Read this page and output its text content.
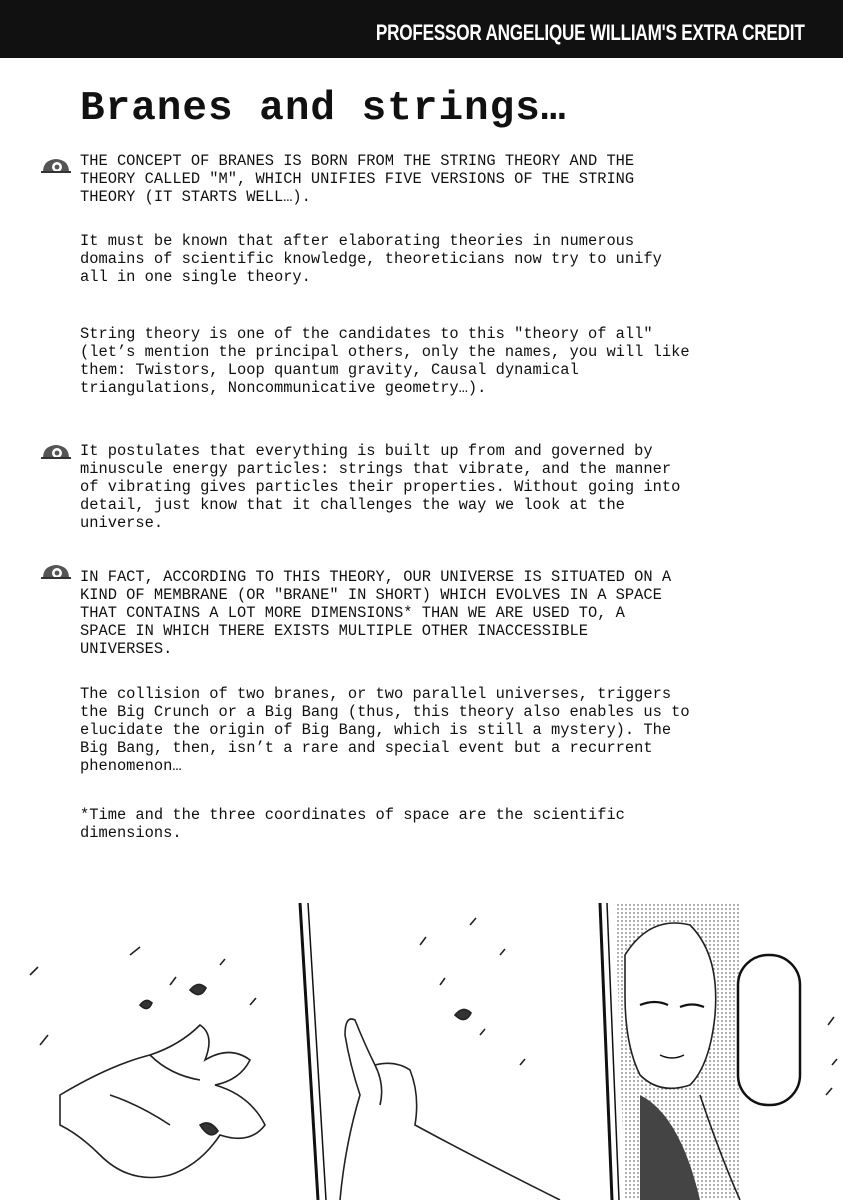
PROFESSOR ANGELIQUE WILLIAM'S EXTRA CREDIT
Branes and strings…

THE CONCEPT OF BRANES IS BORN FROM THE STRING THEORY AND THE
THEORY CALLED "M", WHICH UNIFIES FIVE VERSIONS OF THE STRING
THEORY (IT STARTS WELL…).

It must be known that after elaborating theories in numerous
domains of scientific knowledge, theoreticians now try to unify
all in one single theory.

String theory is one of the candidates to this "theory of all"
(let’s mention the principal others, only the names, you will like
them: Twistors, Loop quantum gravity, Causal dynamical
triangulations, Noncommunicative geometry…).

It postulates that everything is built up from and governed by
minuscule energy particles: strings that vibrate, and the manner
of vibrating gives particles their properties. Without going into
detail, just know that it challenges the way we look at the
universe.

IN FACT, ACCORDING TO THIS THEORY, OUR UNIVERSE IS SITUATED ON A
KIND OF MEMBRANE (OR "BRANE" IN SHORT) WHICH EVOLVES IN A SPACE
THAT CONTAINS A LOT MORE DIMENSIONS* THAN WE ARE USED TO, A
SPACE IN WHICH THERE EXISTS MULTIPLE OTHER INACCESSIBLE
UNIVERSES.

The collision of two branes, or two parallel universes, triggers
the Big Crunch or a Big Bang (thus, this theory also enables us to
elucidate the origin of Big Bang, which is still a mystery). The
Big Bang, then, isn’t a rare and special event but a recurrent
phenomenon…

*Time and the three coordinates of space are the scientific
dimensions.
